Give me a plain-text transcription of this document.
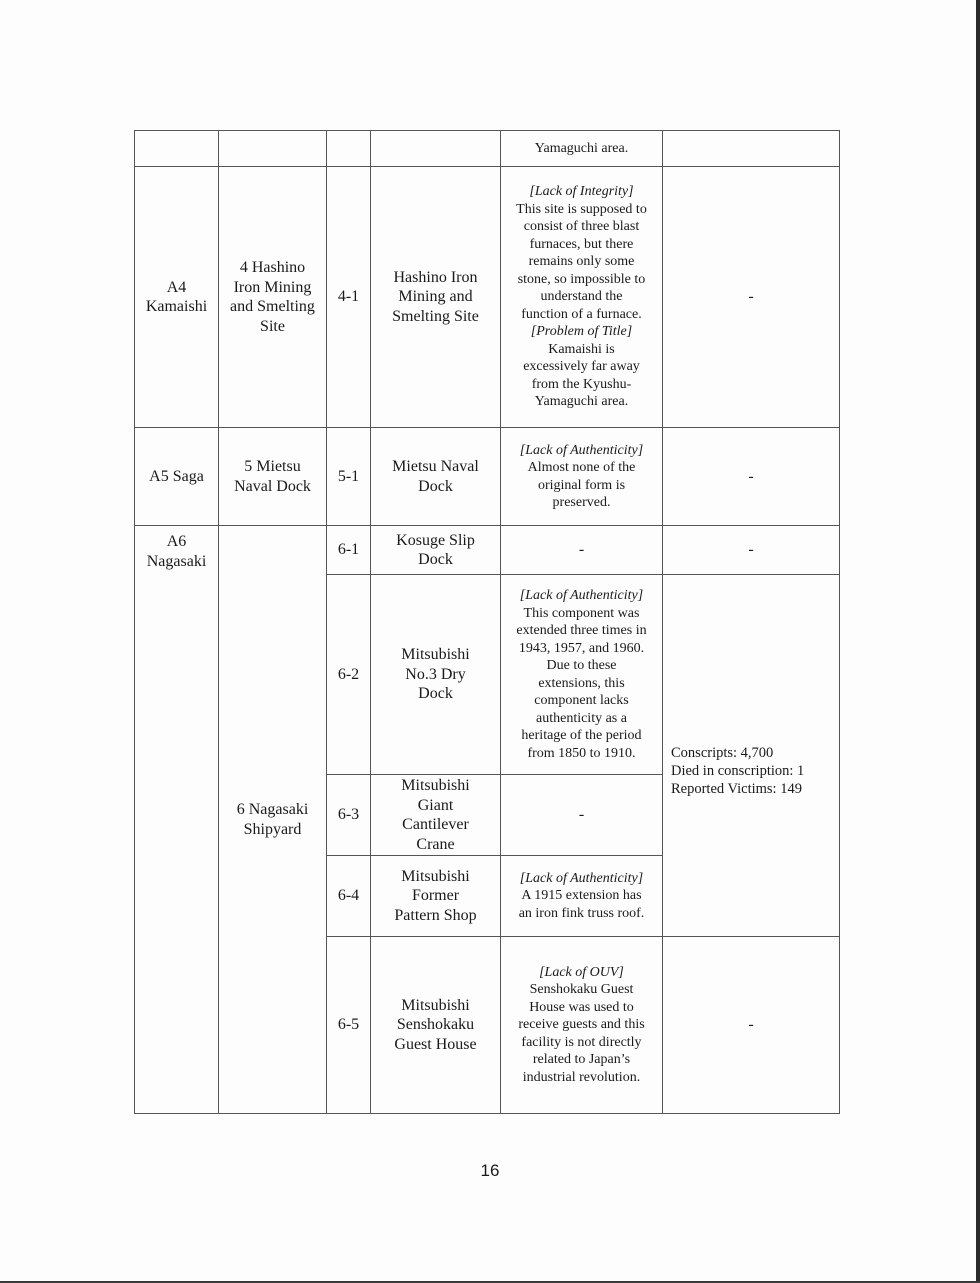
Yamaguchi area.
A4
Kamaishi
4 Hashino
Iron Mining
and Smelting
Site
4-1
Hashino Iron
Mining and
Smelting Site
[Lack of Integrity]
This site is supposed to
consist of three blast
furnaces, but there
remains only some
stone, so impossible to
understand the
function of a furnace.
[Problem of Title]
Kamaishi is
excessively far away
from the Kyushu-
Yamaguchi area.
-
A5 Saga
5 Mietsu
Naval Dock
5-1
Mietsu Naval
Dock
[Lack of Authenticity]
Almost none of the
original form is
preserved.
-
A6
Nagasaki
6 Nagasaki
Shipyard
6-1
Kosuge Slip
Dock
-	-
6-2
Mitsubishi
No.3 Dry
Dock
[Lack of Authenticity]
This component was
extended three times in
1943, 1957, and 1960.
Due to these
extensions, this
component lacks
authenticity as a
heritage of the period
from 1850 to 1910.
6-3
Mitsubishi
Giant
Cantilever
Crane
-
6-4
Mitsubishi
Former
Pattern Shop
[Lack of Authenticity]
A 1915 extension has
an iron fink truss roof.
Conscripts: 4,700
Died in conscription: 1
Reported Victims: 149
6-5
Mitsubishi
Senshokaku
Guest House
[Lack of OUV]
Senshokaku Guest
House was used to
receive guests and this
facility is not directly
related to Japan’s
industrial revolution.
-
16
